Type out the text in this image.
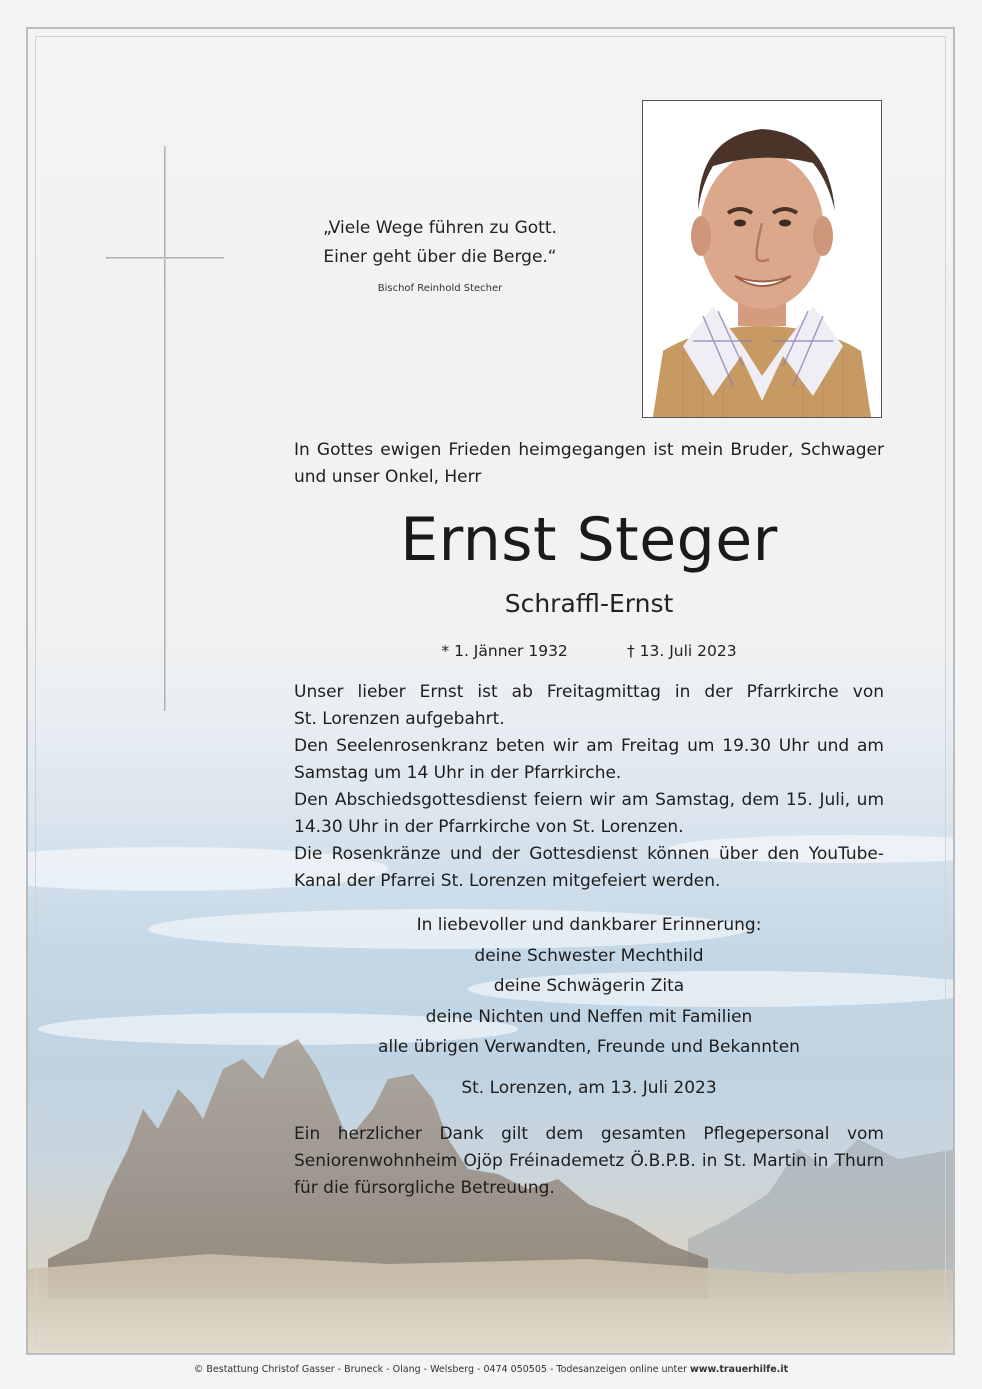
„Viele Wege führen zu Gott.
Einer geht über die Berge.“
Bischof Reinhold Stecher
In Gottes ewigen Frieden heimgegangen ist mein Bruder, Schwager
und unser Onkel, Herr
Ernst Steger
Schraffl-Ernst
* 1. Jänner 1932	† 13. Juli 2023
Unser lieber Ernst ist ab Freitagmittag in der Pfarrkirche von
St. Lorenzen aufgebahrt.
Den Seelenrosenkranz beten wir am Freitag um 19.30 Uhr und am
Samstag um 14 Uhr in der Pfarrkirche.
Den Abschiedsgottesdienst feiern wir am Samstag, dem 15. Juli, um
14.30 Uhr in der Pfarrkirche von St. Lorenzen.
Die Rosenkränze und der Gottesdienst können über den YouTube-
Kanal der Pfarrei St. Lorenzen mitgefeiert werden.
In liebevoller und dankbarer Erinnerung:
deine Schwester Mechthild
deine Schwägerin Zita
deine Nichten und Neffen mit Familien
alle übrigen Verwandten, Freunde und Bekannten
St. Lorenzen, am 13. Juli 2023
Ein herzlicher Dank gilt dem gesamten Pflegepersonal vom
Seniorenwohnheim Ojöp Fréinademetz Ö.B.P.B. in St. Martin in Thurn
für die fürsorgliche Betreuung.
© Bestattung Christof Gasser - Bruneck - Olang - Welsberg - 0474 050505 - Todesanzeigen online unter www.trauerhilfe.it
